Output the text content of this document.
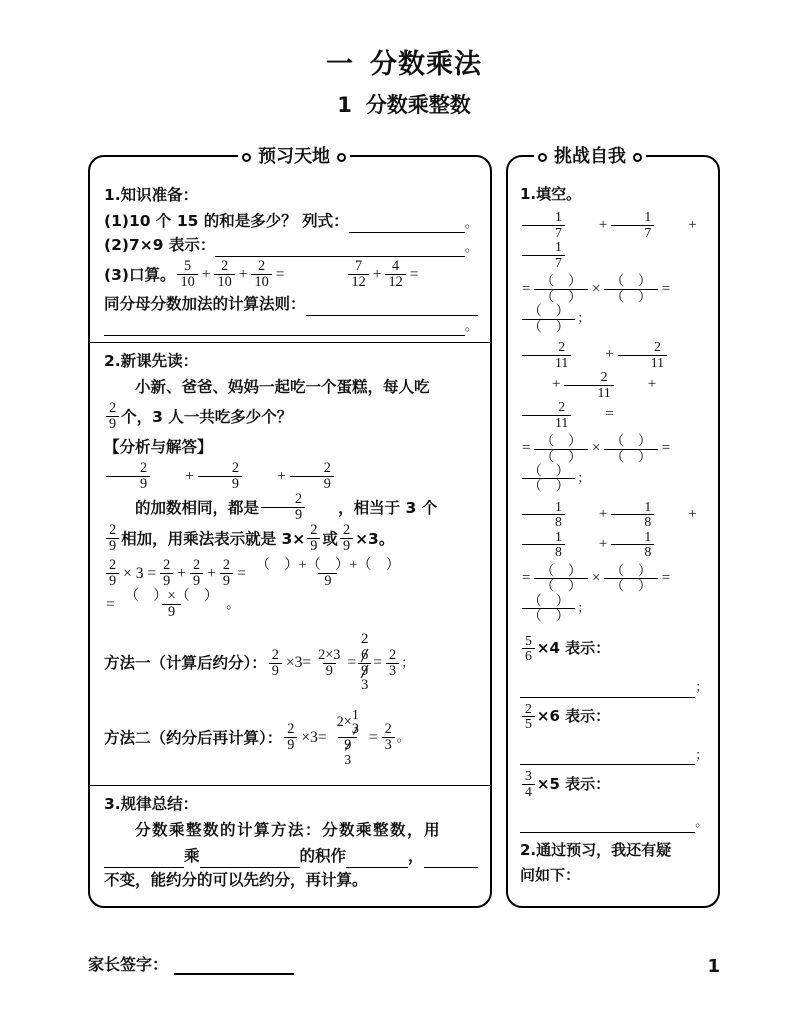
一 分数乘法
1 分数乘整数
预习天地
1.知识准备：
(1)10 个 15 的和是多少？ 列式：	。
(2)7×9 表示：	。
(3)口算。 $\frac{5}{10} + \frac{2}{10} + \frac{2}{10}$ =	$\frac{7}{12} + \frac{4}{12}$ =
同分母分数加法的计算法则：
。
2.新课先读：
小新、爸爸、妈妈一起吃一个蛋糕，每人吃
$\frac{2}{9}$ 个，3 人一共吃多少个？
【分析与解答】
$\frac{2}{9}$	+ $\frac{2}{9}$	+ $\frac{2}{9}$
的加数相同，都是 $\frac{2}{9}$	，相当于 3 个
$\frac{2}{9}$ 相加，用乘法表示就是 $3\times \frac{2}{9}$ 或 $\frac{2}{9} \times 3$。
$\frac{2}{9} \times 3 = \frac{2}{9} + \frac{2}{9} + \frac{2}{9} = \frac{( )+( )+( )}{9}$
= $\frac{( )\times( )}{9}$ 。
方法一（计算后约分）： $\frac{2}{9} \times 3= \frac{2\times 3}{9}$ =
2
$\frac{6}{9}$
3
= $\frac{2}{3}$ ；
方法二（约分后再计算）： $\frac{2}{9} \times 3= 2\times 1$
3
9
$3 = \frac{2}{3}$ 。
3.规律总结：
分数乘整数的计算方法：分数乘整数，用
乘	的积作	，
不变，能约分的可以先约分，再计算。
挑战自我
1.填空。
$\frac{1}{7}$	+ $\frac{1}{7}$	+
$\frac{1}{7}$
= $\frac{( )}{( )} \times \frac{( )}{( )}$ =
$\frac{( )}{( )}$ ；
$\frac{2}{11}$	+ $\frac{2}{11}$
+ $\frac{2}{11}$	+
$\frac{2}{11}$	=
= $\frac{( )}{( )} \times \frac{( )}{( )}$ =
$\frac{( )}{( )}$ ；
$\frac{1}{8}$	+ $\frac{1}{8}$	+
$\frac{1}{8}$	+ $\frac{1}{8}$
= $\frac{( )}{( )} \times \frac{( )}{( )}$ =
$\frac{( )}{( )}$ ；
$\frac{5}{6} \times 4$ 表示：
；
$\frac{2}{5} \times 6$ 表示：
；
$\frac{3}{4} \times 5$ 表示：
。
2.通过预习，我还有疑
问如下：
家长签字：	1
